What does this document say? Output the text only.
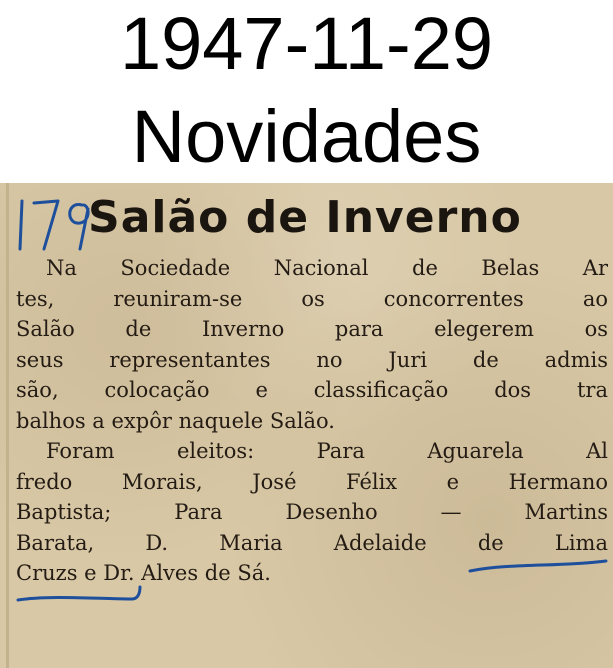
1947-11-29
Novidades
Salão de Inverno
Na Sociedade Nacional de Belas Ar
tes, reuniram-se os concorrentes ao
Salão de Inverno para elegerem os
seus representantes no Juri de admis
são, colocação e classificação dos tra
balhos a expôr naquele Salão.
Foram eleitos: Para Aguarela Al
fredo Morais, José Félix e Hermano
Baptista; Para Desenho — Martins
Barata, D. Maria Adelaide de Lima
Cruzs e Dr. Alves de Sá.
